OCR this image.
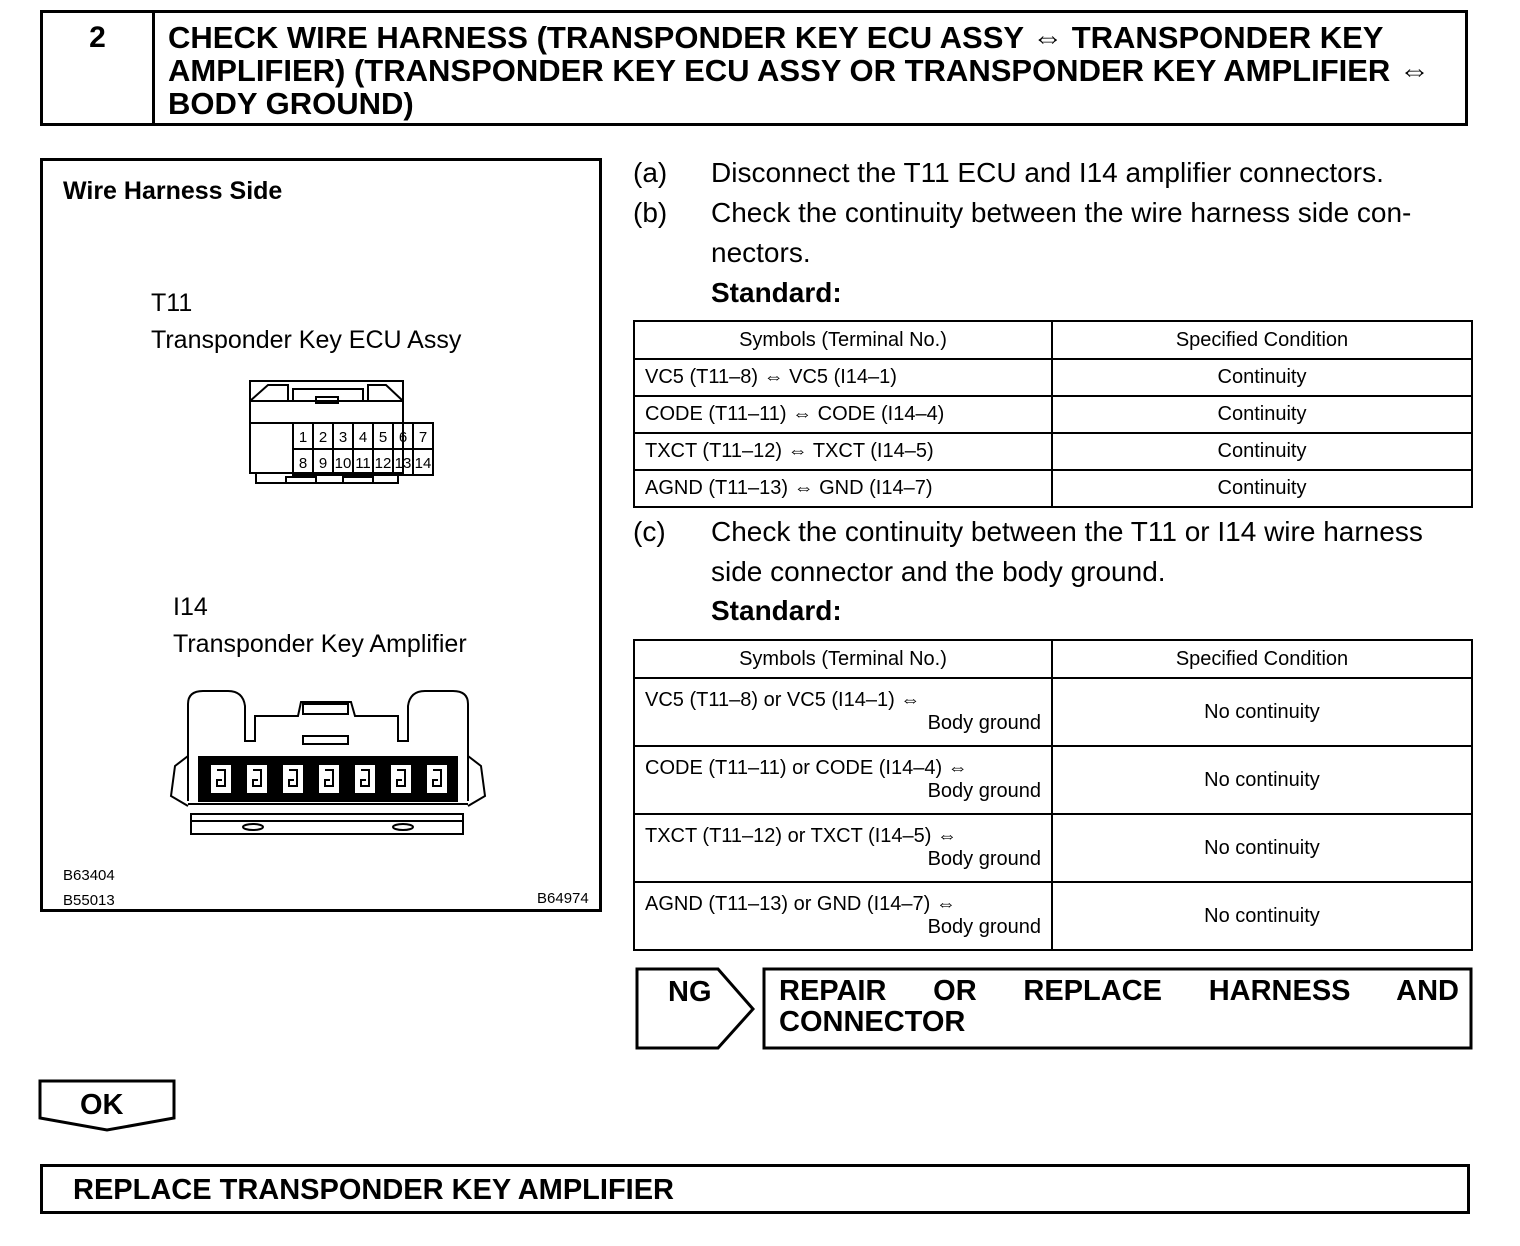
2	CHECK WIRE HARNESS (TRANSPONDER KEY ECU ASSY ⇔ TRANSPONDER KEY AMPLIFIER) (TRANSPONDER KEY ECU ASSY OR TRANSPONDER KEY AMPLIFIER ⇔ BODY GROUND)
Wire Harness Side
T11
Transponder Key ECU Assy
1 2 3 4 5 6 7
8 9 10 11 12 13 14
I14
Transponder Key Amplifier
B63404
B55013	B64974
(a) Disconnect the T11 ECU and I14 amplifier connectors.
(b) Check the continuity between the wire harness side con-
nectors.
Standard:
Symbols (Terminal No.)	Specified Condition
VC5 (T11–8) ⇔ VC5 (I14–1)	Continuity
CODE (T11–11) ⇔ CODE (I14–4)	Continuity
TXCT (T11–12) ⇔ TXCT (I14–5)	Continuity
AGND (T11–13) ⇔ GND (I14–7)	Continuity
(c) Check the continuity between the T11 or I14 wire harness
side connector and the body ground.
Standard:
Symbols (Terminal No.)	Specified Condition
VC5 (T11–8) or VC5 (I14–1) ⇔
Body ground	No continuity
CODE (T11–11) or CODE (I14–4) ⇔
Body ground	No continuity
TXCT (T11–12) or TXCT (I14–5) ⇔
Body ground	No continuity
AGND (T11–13) or GND (I14–7) ⇔
Body ground	No continuity
NG REPAIR OR REPLACE HARNESS AND CONNECTOR
OK
REPLACE TRANSPONDER KEY AMPLIFIER
